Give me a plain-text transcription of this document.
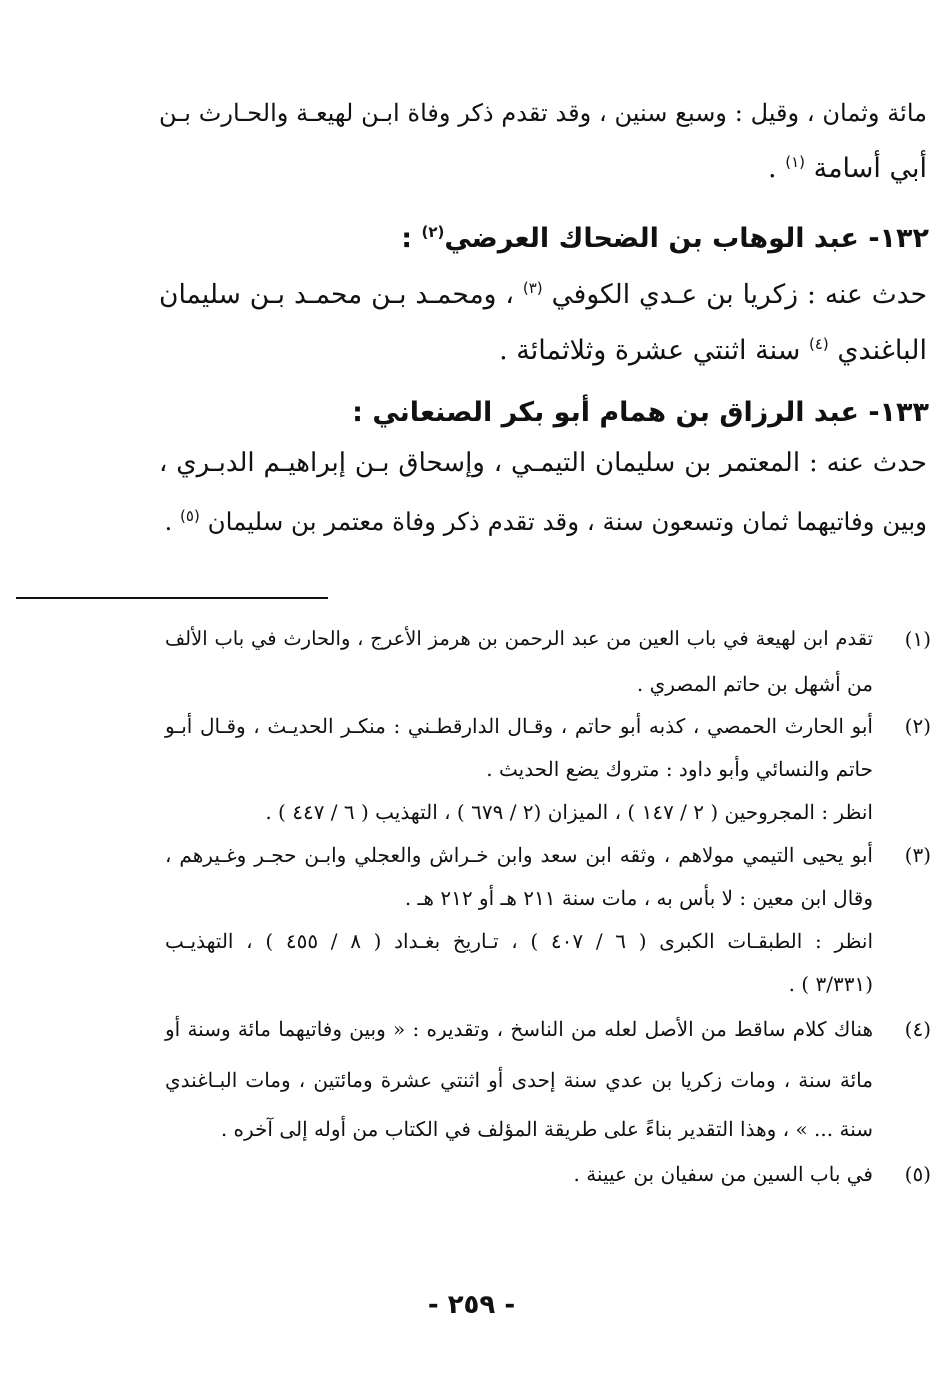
مائة وثمان ، وقيل : وسبع سنين ، وقد تقدم ذكر وفاة ابـن لهيعـة والحـارث بـن
أبي أسامة $^{(١)}$ .
١٣٢- عبد الوهاب بن الضحاك العرضي$^{(٢)}$ :
حدث عنه : زكريا بن عـدي الكوفي $^{(٣)}$ ، ومحمـد بـن محمـد بـن سليمان
الباغندي $^{(٤)}$ سنة اثنتي عشرة وثلاثمائة .
١٣٣- عبد الرزاق بن همام أبو بكر الصنعاني :
حدث عنه : المعتمر بن سليمان التيمـي ، وإسحاق بـن إبراهيـم الدبـري ،
وبين وفاتيهما ثمان وتسعون سنة ، وقد تقدم ذكر وفاة معتمر بن سليمان $^{(٥)}$ .
(١)
تقدم ابن لهيعة في باب العين من عبد الرحمن بن هرمز الأعرج ، والحارث في باب الألف
من أشهل بن حاتم المصري .
(٢)
أبو الحارث الحمصي ، كذبه أبو حاتم ، وقـال الدارقطـني : منكـر الحديـث ، وقـال أبـو
حاتم والنسائي وأبو داود : متروك يضع الحديث .
انظر : المجروحين ( ٢ / ١٤٧ ) ، الميزان (٢ / ٦٧٩ ) ، التهذيب ( ٦ / ٤٤٧ ) .
(٣)
أبو يحيى التيمي مولاهم ، وثقه ابن سعد وابن خـراش والعجلي وابـن حجـر وغـيرهم ،
وقال ابن معين : لا بأس به ، مات سنة ٢١١ هـ أو ٢١٢ هـ .
انظر : الطبقـات الكبرى ( ٦ / ٤٠٧ ) ، تـاريخ بغـداد ( ٨ / ٤٥٥ ) ، التهذيـب
(٣/٣٣١ ) .
(٤)
هناك كلام ساقط من الأصل لعله من الناسخ ، وتقديره : « وبين وفاتيهما مائة وسنة أو
مائة سنة ، ومات زكريا بن عدي سنة إحدى أو اثنتي عشرة ومائتين ، ومات البـاغندي
سنة ... » ، وهذا التقدير بناءً على طريقة المؤلف في الكتاب من أوله إلى آخره .
(٥)
في باب السين من سفيان بن عيينة .
- ٢٥٩ -
